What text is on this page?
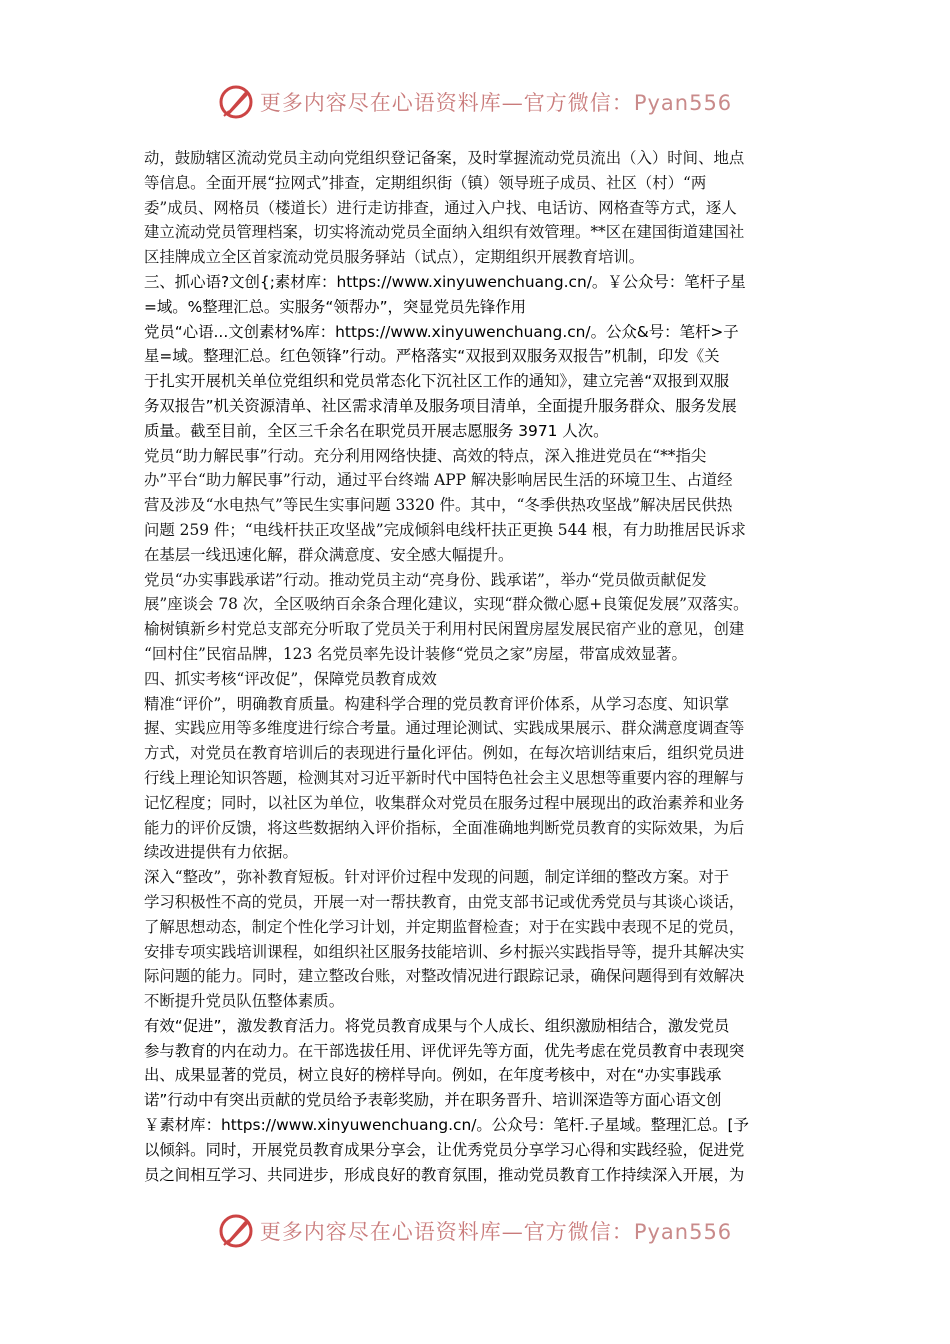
更多内容尽在心语资料库—官方微信：Pyan556
动，鼓励辖区流动党员主动向党组织登记备案，及时掌握流动党员流出（入）时间、地点
等信息。全面开展“拉网式”排查，定期组织街（镇）领导班子成员、社区（村）“两
委”成员、网格员（楼道长）进行走访排查，通过入户找、电话访、网格查等方式，逐人
建立流动党员管理档案，切实将流动党员全面纳入组织有效管理。**区在建国街道建国社
区挂牌成立全区首家流动党员服务驿站（试点），定期组织开展教育培训。
三、抓心语?文创{;素材库：https://www.xinyuwenchuang.cn/。￥公众号：笔杆子星
=域。%整理汇总。实服务“领帮办”，突显党员先锋作用
党员“心语...文创素材%库：https://www.xinyuwenchuang.cn/。公众&号：笔杆>子
星=域。整理汇总。红色领锋”行动。严格落实“双报到双服务双报告”机制，印发《关
于扎实开展机关单位党组织和党员常态化下沉社区工作的通知》，建立完善“双报到双服
务双报告”机关资源清单、社区需求清单及服务项目清单，全面提升服务群众、服务发展
质量。截至目前，全区三千余名在职党员开展志愿服务 3971 人次。
党员“助力解民事”行动。充分利用网络快捷、高效的特点，深入推进党员在“**指尖
办”平台“助力解民事”行动，通过平台终端 APP 解决影响居民生活的环境卫生、占道经
营及涉及“水电热气”等民生实事问题 3320 件。其中，“冬季供热攻坚战”解决居民供热
问题 259 件；“电线杆扶正攻坚战”完成倾斜电线杆扶正更换 544 根，有力助推居民诉求
在基层一线迅速化解，群众满意度、安全感大幅提升。
党员“办实事践承诺”行动。推动党员主动“亮身份、践承诺”，举办“党员做贡献促发
展”座谈会 78 次，全区吸纳百余条合理化建议，实现“群众微心愿+良策促发展”双落实。
榆树镇新乡村党总支部充分听取了党员关于利用村民闲置房屋发展民宿产业的意见，创建
“回村住”民宿品牌，123 名党员率先设计装修“党员之家”房屋，带富成效显著。
四、抓实考核“评改促”，保障党员教育成效
精准“评价”，明确教育质量。构建科学合理的党员教育评价体系，从学习态度、知识掌
握、实践应用等多维度进行综合考量。通过理论测试、实践成果展示、群众满意度调查等
方式，对党员在教育培训后的表现进行量化评估。例如，在每次培训结束后，组织党员进
行线上理论知识答题，检测其对习近平新时代中国特色社会主义思想等重要内容的理解与
记忆程度；同时，以社区为单位，收集群众对党员在服务过程中展现出的政治素养和业务
能力的评价反馈，将这些数据纳入评价指标，全面准确地判断党员教育的实际效果，为后
续改进提供有力依据。
深入“整改”，弥补教育短板。针对评价过程中发现的问题，制定详细的整改方案。对于
学习积极性不高的党员，开展一对一帮扶教育，由党支部书记或优秀党员与其谈心谈话，
了解思想动态，制定个性化学习计划，并定期监督检查；对于在实践中表现不足的党员，
安排专项实践培训课程，如组织社区服务技能培训、乡村振兴实践指导等，提升其解决实
际问题的能力。同时，建立整改台账，对整改情况进行跟踪记录，确保问题得到有效解决
不断提升党员队伍整体素质。
有效“促进”，激发教育活力。将党员教育成果与个人成长、组织激励相结合，激发党员
参与教育的内在动力。在干部选拔任用、评优评先等方面，优先考虑在党员教育中表现突
出、成果显著的党员，树立良好的榜样导向。例如，在年度考核中，对在“办实事践承
诺”行动中有突出贡献的党员给予表彰奖励，并在职务晋升、培训深造等方面心语文创
￥素材库：https://www.xinyuwenchuang.cn/。公众号：笔杆.子星域。整理汇总。[予
以倾斜。同时，开展党员教育成果分享会，让优秀党员分享学习心得和实践经验，促进党
员之间相互学习、共同进步，形成良好的教育氛围，推动党员教育工作持续深入开展，为
更多内容尽在心语资料库—官方微信：Pyan556
